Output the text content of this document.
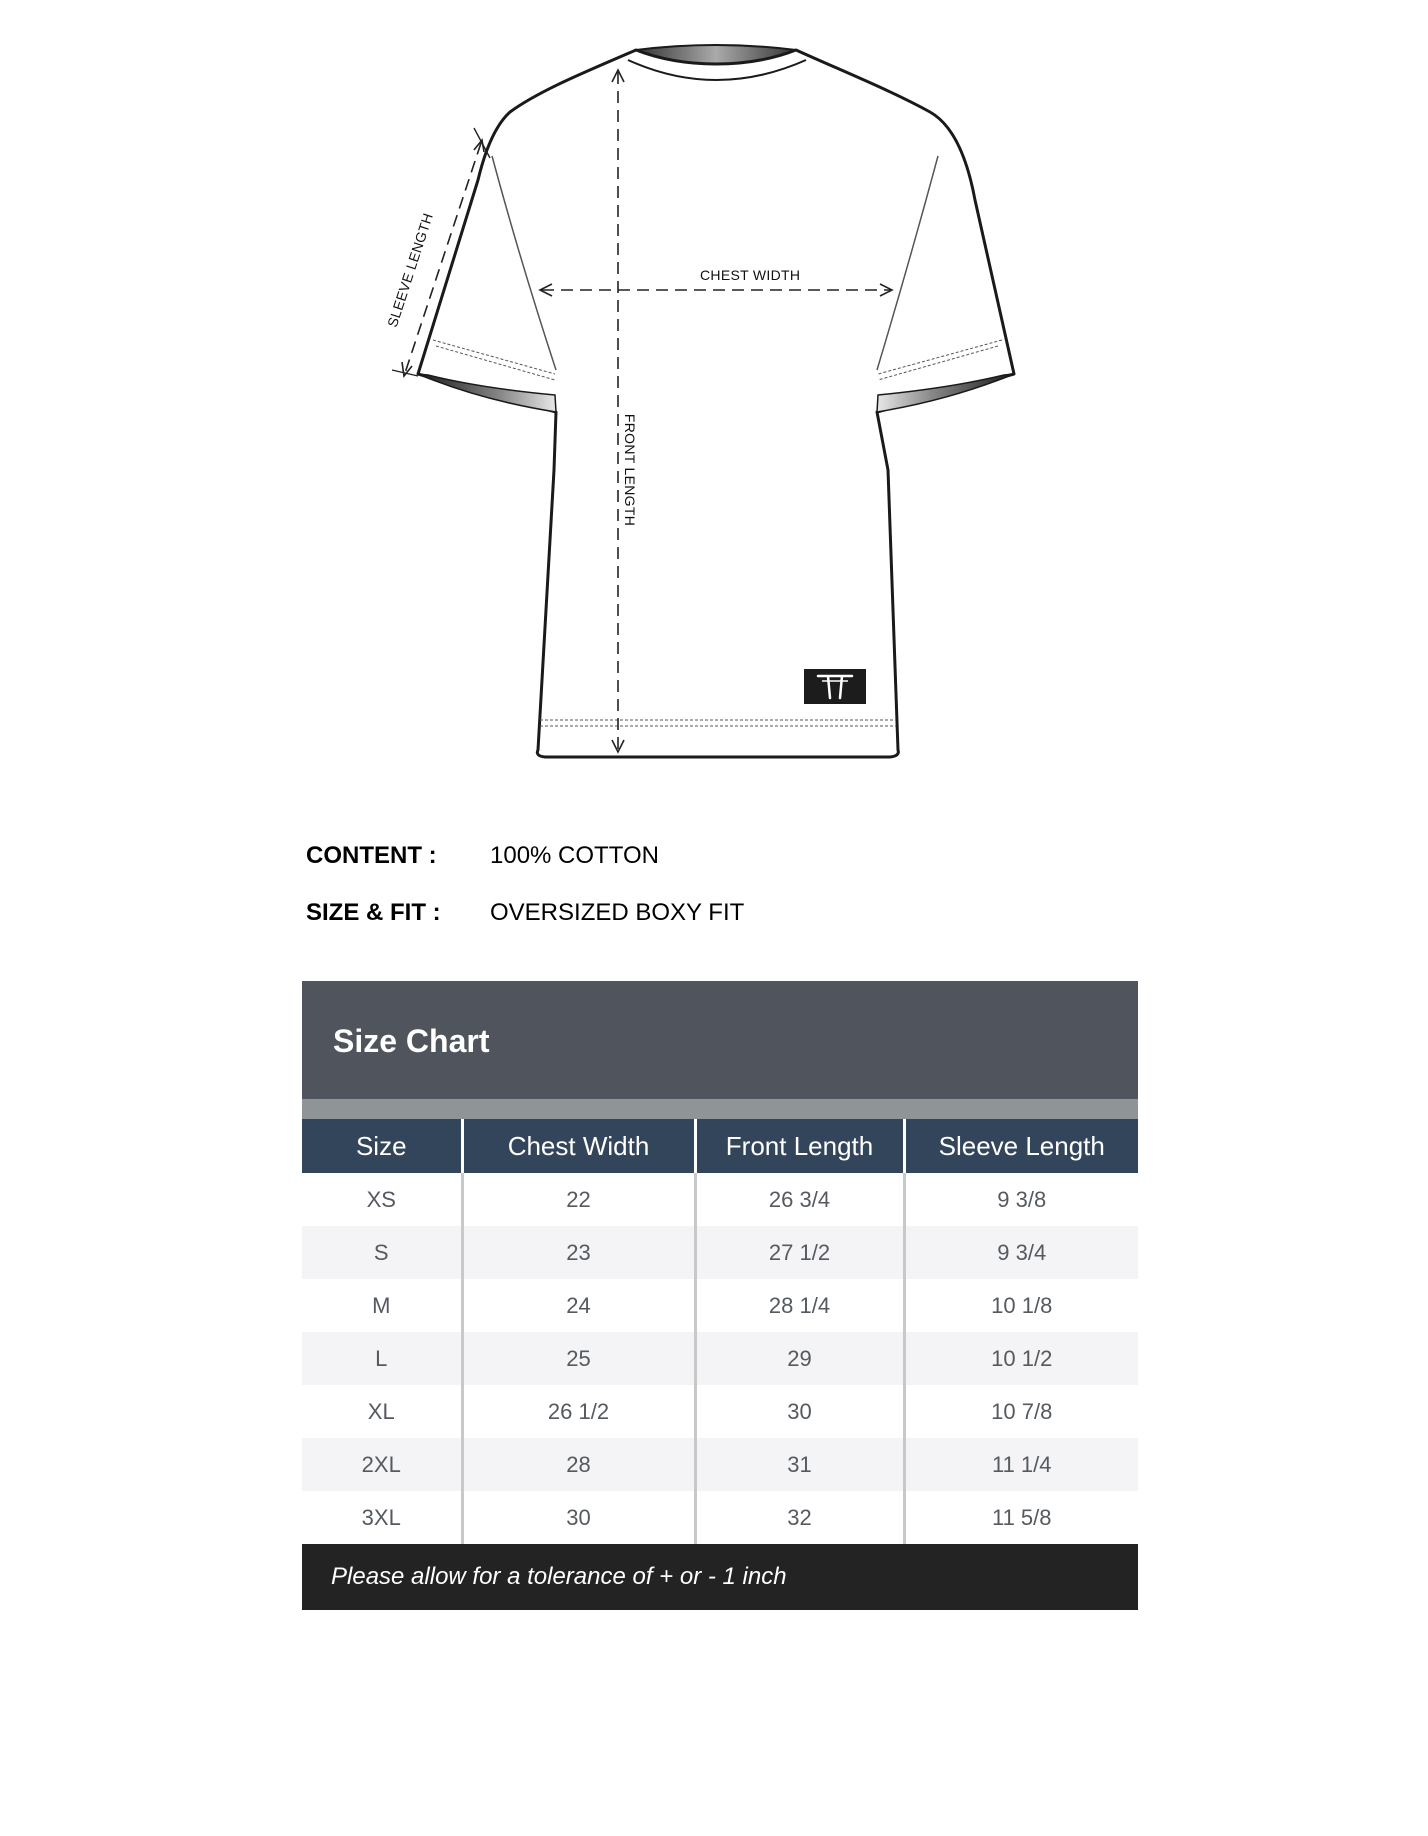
CHEST WIDTH
FRONT LENGTH
SLEEVE LENGTH
CONTENT : 100% COTTON
SIZE & FIT : OVERSIZED BOXY FIT
Size Chart
Size	Chest Width	Front Length	Sleeve Length
XS	22	26 3/4	9 3/8
S	23	27 1/2	9 3/4
M	24	28 1/4	10 1/8
L	25	29	10 1/2
XL	26 1/2	30	10 7/8
2XL	28	31	11 1/4
3XL	30	32	11 5/8
Please allow for a tolerance of + or - 1 inch
